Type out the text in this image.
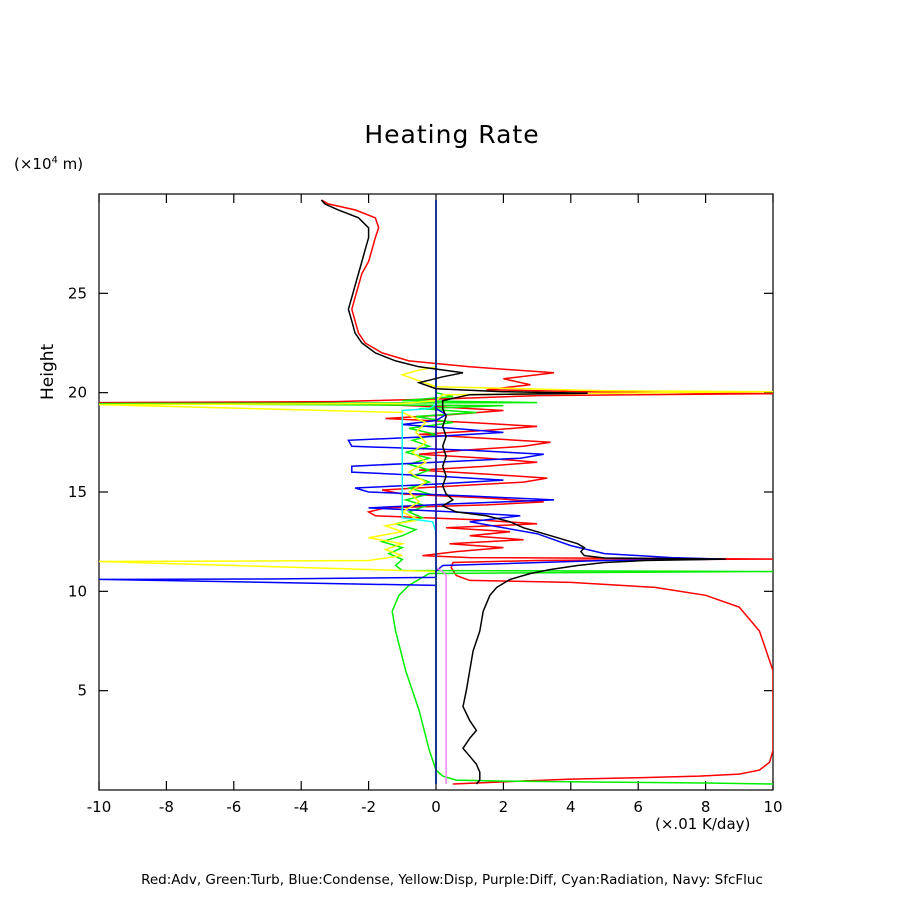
Heating Rate
($\times 10^4$ m)
Height
(×.01 K/day)
Red:Adv, Green:Turb, Blue:Condense, Yellow:Disp, Purple:Diff, Cyan:Radiation, Navy: SfcFluc
-10	-8	-6	-4	-2	0	2	4	6	8	10
5
10
15
20
25
